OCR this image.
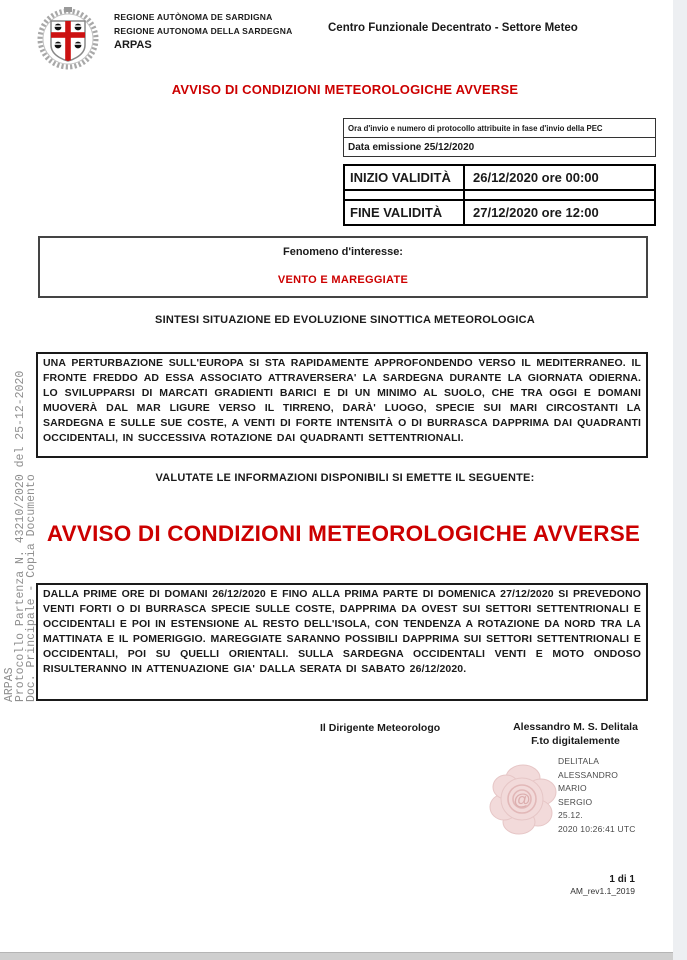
ARPAS
Protocollo Partenza N. 43210/2020 del 25-12-2020
Doc. Principale - Copia Documento
REGIONE AUTÒNOMA DE SARDIGNA
REGIONE AUTONOMA DELLA SARDEGNA
ARPAS
Centro Funzionale Decentrato - Settore Meteo
AVVISO DI CONDIZIONI METEOROLOGICHE AVVERSE
Ora d'invio e numero di protocollo attribuite in fase d'invio della PEC
Data emissione 25/12/2020
INIZIO VALIDITÀ	26/12/2020 ore 00:00
FINE VALIDITÀ	27/12/2020 ore 12:00
Fenomeno d'interesse:
VENTO E MAREGGIATE
SINTESI SITUAZIONE ED EVOLUZIONE SINOTTICA METEOROLOGICA
UNA PERTURBAZIONE SULL'EUROPA SI STA RAPIDAMENTE APPROFONDENDO VERSO IL MEDITERRANEO. IL FRONTE FREDDO AD ESSA ASSOCIATO ATTRAVERSERA' LA SARDEGNA DURANTE LA GIORNATA ODIERNA. LO SVILUPPARSI DI MARCATI GRADIENTI BARICI E DI UN MINIMO AL SUOLO, CHE TRA OGGI E DOMANI MUOVERÀ DAL MAR LIGURE VERSO IL TIRRENO, DARÀ' LUOGO, SPECIE SUI MARI CIRCOSTANTI LA SARDEGNA E SULLE SUE COSTE, A VENTI DI FORTE INTENSITÀ O DI BURRASCA DAPPRIMA DAI QUADRANTI OCCIDENTALI, IN SUCCESSIVA ROTAZIONE DAI QUADRANTI SETTENTRIONALI.
VALUTATE LE INFORMAZIONI DISPONIBILI SI EMETTE IL SEGUENTE:
AVVISO DI CONDIZIONI METEOROLOGICHE AVVERSE
DALLA PRIME ORE DI DOMANI 26/12/2020 E FINO ALLA PRIMA PARTE DI DOMENICA 27/12/2020 SI PREVEDONO VENTI FORTI O DI BURRASCA SPECIE SULLE COSTE, DAPPRIMA DA OVEST SUI SETTORI SETTENTRIONALI E OCCIDENTALI E POI IN ESTENSIONE AL RESTO DELL'ISOLA, CON TENDENZA A ROTAZIONE DA NORD TRA LA MATTINATA E IL POMERIGGIO. MAREGGIATE SARANNO POSSIBILI DAPPRIMA SUI SETTORI SETTENTRIONALI E OCCIDENTALI, POI SU QUELLI ORIENTALI. SULLA SARDEGNA OCCIDENTALI VENTI E MOTO ONDOSO RISULTERANNO IN ATTENUAZIONE GIA' DALLA SERATA DI SABATO 26/12/2020.
Il Dirigente Meteorologo	Alessandro M. S. Delitala
F.to digitalemente
@
DELITALA
ALESSANDRO
MARIO
SERGIO
25.12.
2020 10:26:41 UTC
1 di 1
AM_rev1.1_2019
